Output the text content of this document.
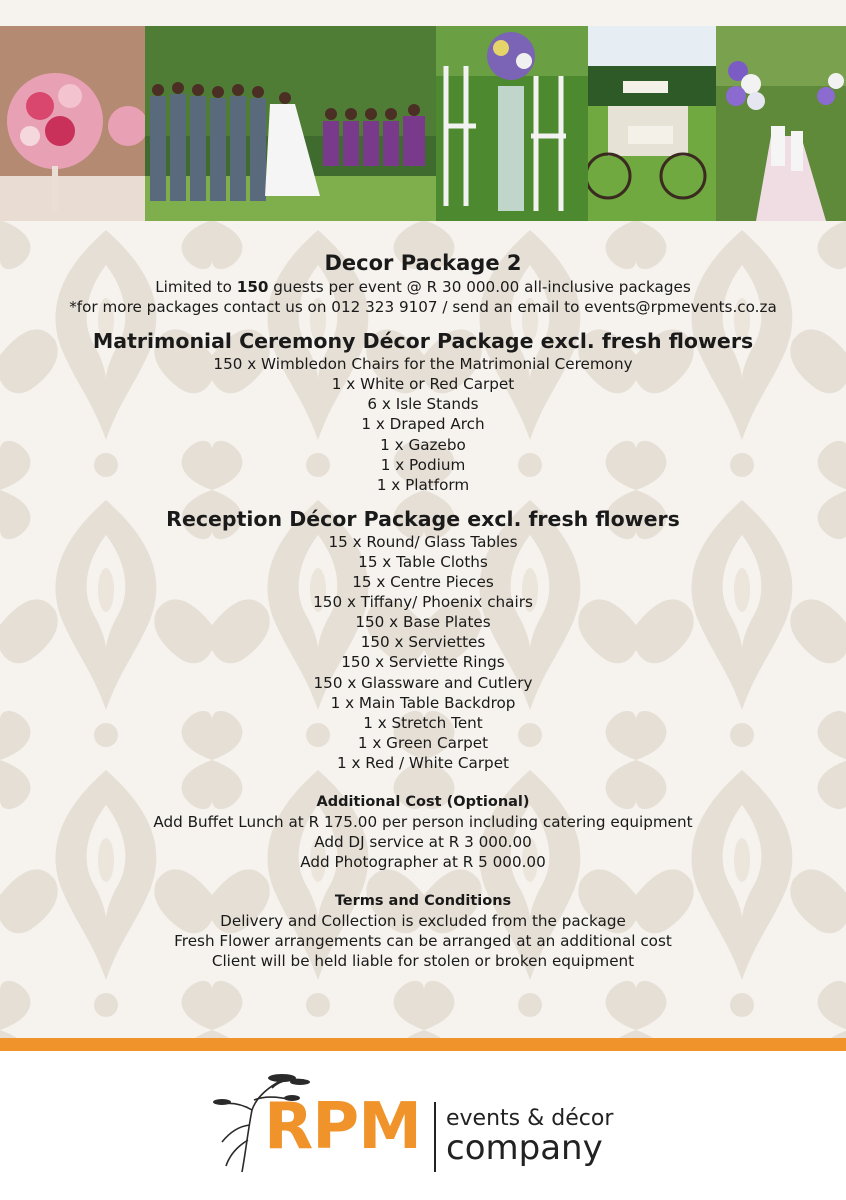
Decor Package 2

Limited to 150 guests per event @ R 30 000.00 all-inclusive packages

*for more packages contact us on 012 323 9107 / send an email to events@rpmevents.co.za

Matrimonial Ceremony Décor Package excl. fresh flowers

150 x Wimbledon Chairs for the Matrimonial Ceremony
1 x White or Red Carpet
6 x Isle Stands
1 x Draped Arch
1 x Gazebo
1 x Podium
1 x Platform

Reception Décor Package excl. fresh flowers

15 x Round/ Glass Tables
15 x Table Cloths
15 x Centre Pieces
150 x Tiffany/ Phoenix chairs
150 x Base Plates
150 x Serviettes
150 x Serviette Rings
150 x Glassware and Cutlery
1 x Main Table Backdrop
1 x Stretch Tent
1 x Green Carpet
1 x Red / White Carpet

Additional Cost (Optional)

Add Buffet Lunch at R 175.00 per person including catering equipment
Add DJ service at R 3 000.00
Add Photographer at R 5 000.00

Terms and Conditions

Delivery and Collection is excluded from the package
Fresh Flower arrangements can be arranged at an additional cost
Client will be held liable for stolen or broken equipment
RPM events & décor
company
